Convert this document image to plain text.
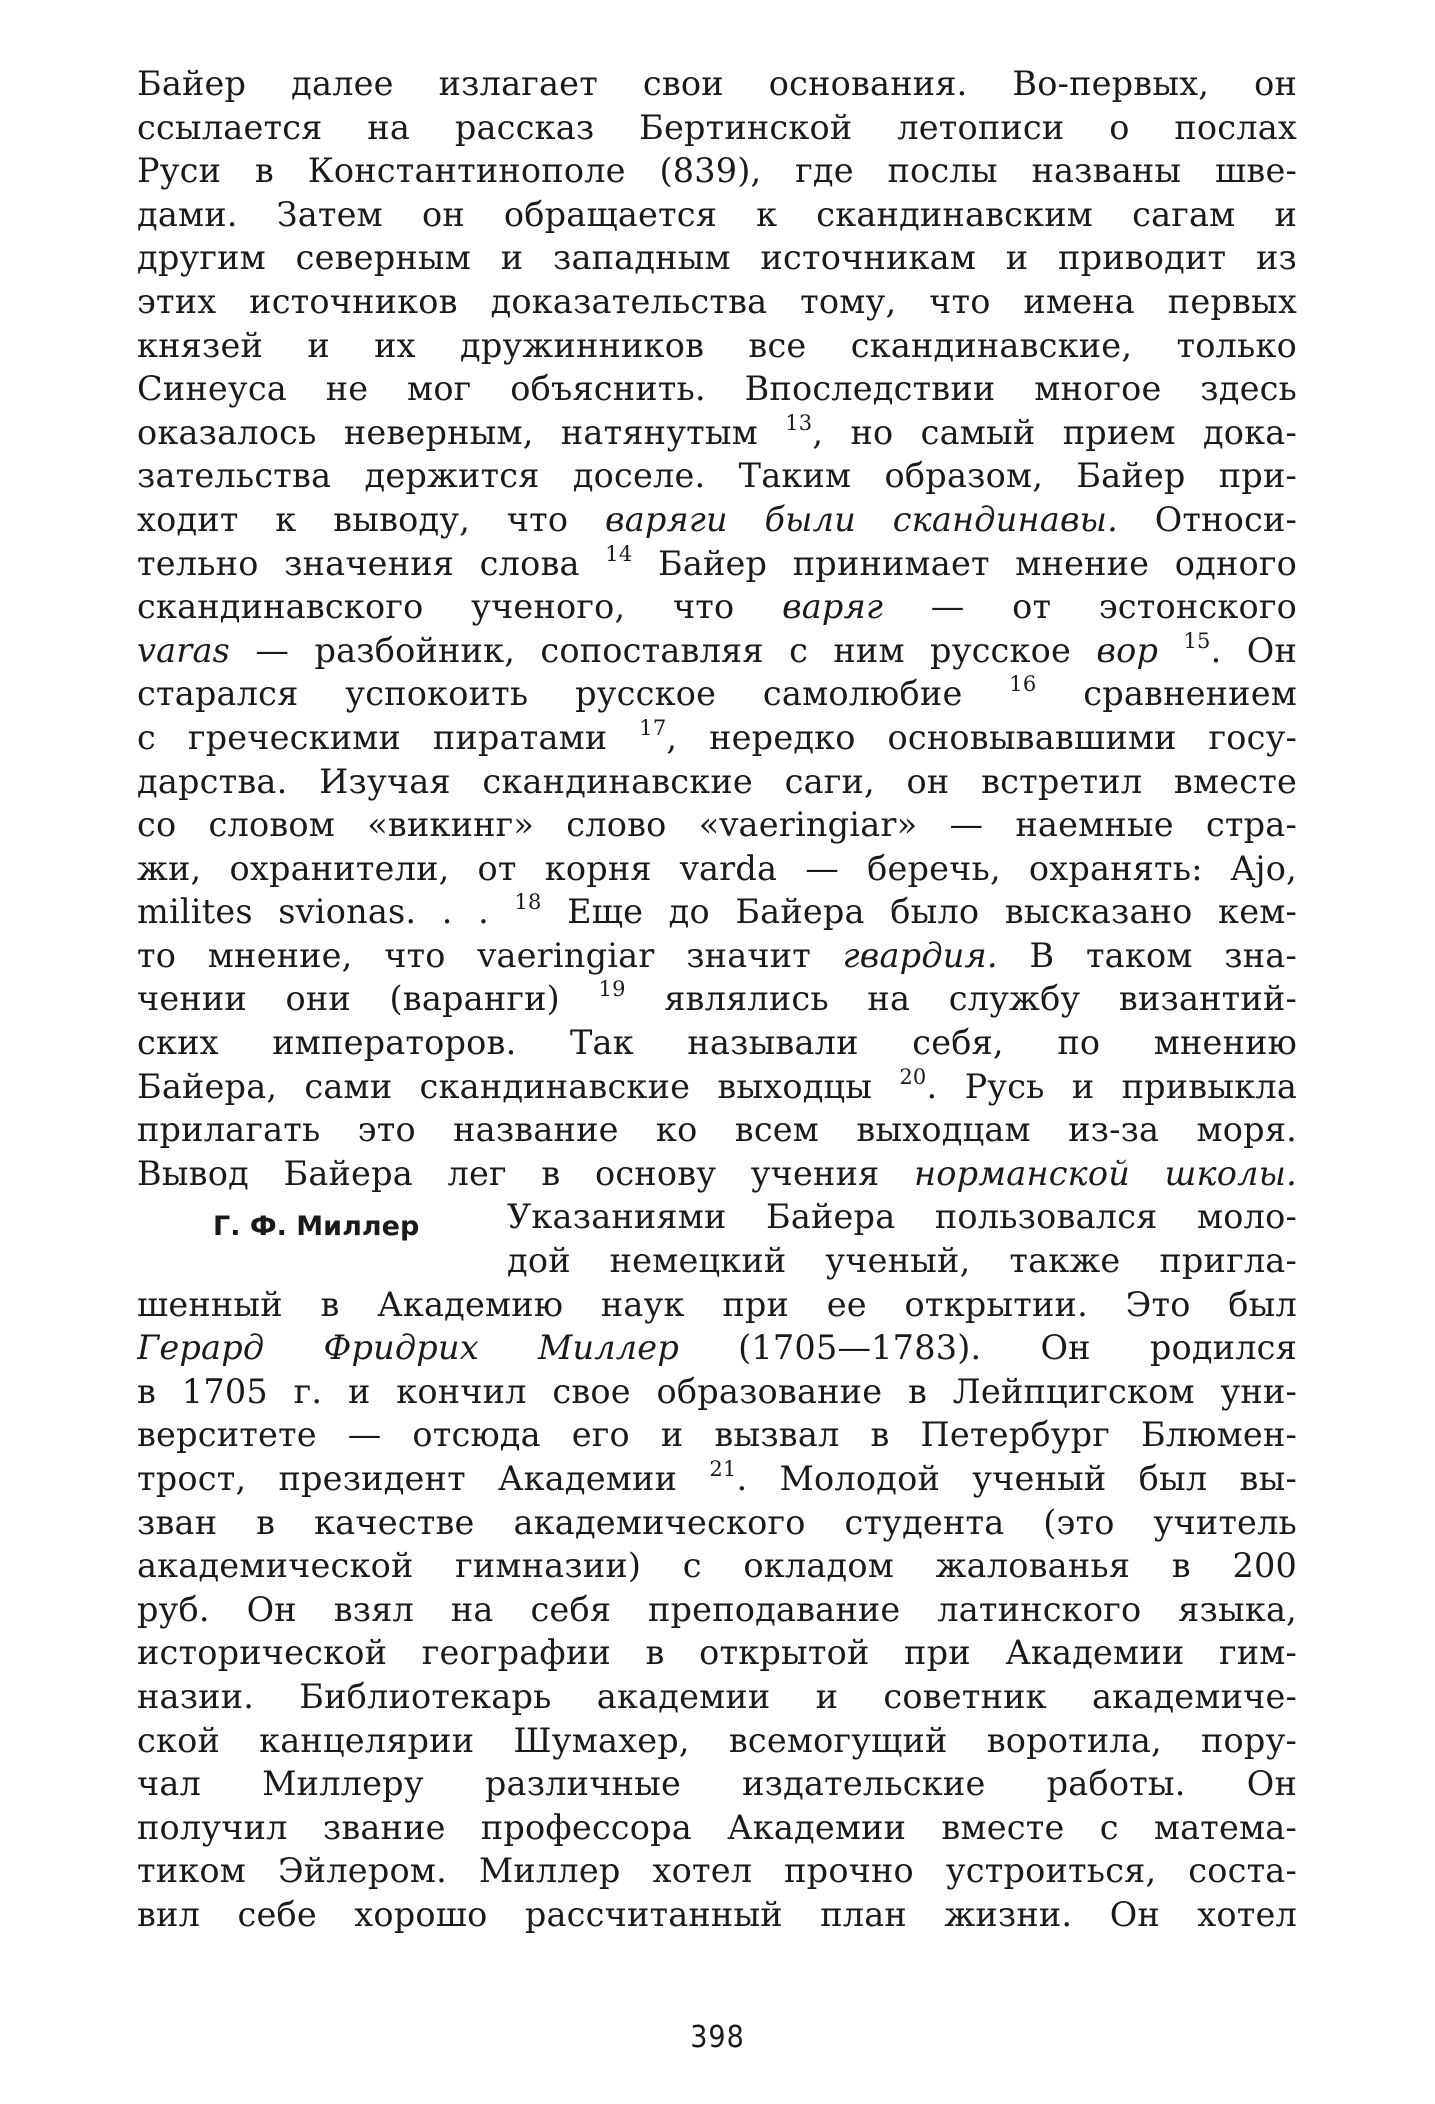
Байер далее излагает свои основания. Во-первых, он
ссылается на рассказ Бертинской летописи о послах
Руси в Константинополе (839), где послы названы шве-
дами. Затем он обращается к скандинавским сагам и
другим северным и западным источникам и приводит из
этих источников доказательства тому, что имена первых
князей и их дружинников все скандинавские, только
Синеуса не мог объяснить. Впоследствии многое здесь
оказалось неверным, натянутым $^{13}$, но самый прием дока-
зательства держится доселе. Таким образом, Байер при-
ходит к выводу, что варяги были скандинавы. Относи-
тельно значения слова $^{14}$ Байер принимает мнение одного
скандинавского ученого, что варяг — от эстонского
varas — разбойник, сопоставляя с ним русское вор $^{15}$. Он
старался успокоить русское самолюбие $^{16}$ сравнением
с греческими пиратами $^{17}$, нередко основывавшими госу-
дарства. Изучая скандинавские саги, он встретил вместе
со словом «викинг» слово «vaeringiar» — наемные стра-
жи, охранители, от корня varda — беречь, охранять: Ajo,
milites svionas. . . $^{18}$ Еще до Байера было высказано кем-
то мнение, что vaeringiar значит гвардия. В таком зна-
чении они (варанги) $^{19}$ являлись на службу византий-
ских императоров. Так называли себя, по мнению
Байера, сами скандинавские выходцы $^{20}$. Русь и привыкла
прилагать это название ко всем выходцам из-за моря.
Вывод Байера лег в основу учения норманской школы.
Г. Ф. Миллер	Указаниями Байера пользовался моло-
дой немецкий ученый, также пригла-
шенный в Академию наук при ее открытии. Это был
Герард Фридрих Миллер (1705—1783). Он родился
в 1705 г. и кончил свое образование в Лейпцигском уни-
верситете — отсюда его и вызвал в Петербург Блюмен-
трост, президент Академии $^{21}$. Молодой ученый был вы-
зван в качестве академического студента (это учитель
академической гимназии) с окладом жалованья в 200
руб. Он взял на себя преподавание латинского языка,
исторической географии в открытой при Академии гим-
назии. Библиотекарь академии и советник академиче-
ской канцелярии Шумахер, всемогущий воротила, пору-
чал Миллеру различные издательские работы. Он
получил звание профессора Академии вместе с матема-
тиком Эйлером. Миллер хотел прочно устроиться, соста-
вил себе хорошо рассчитанный план жизни. Он хотел
398
